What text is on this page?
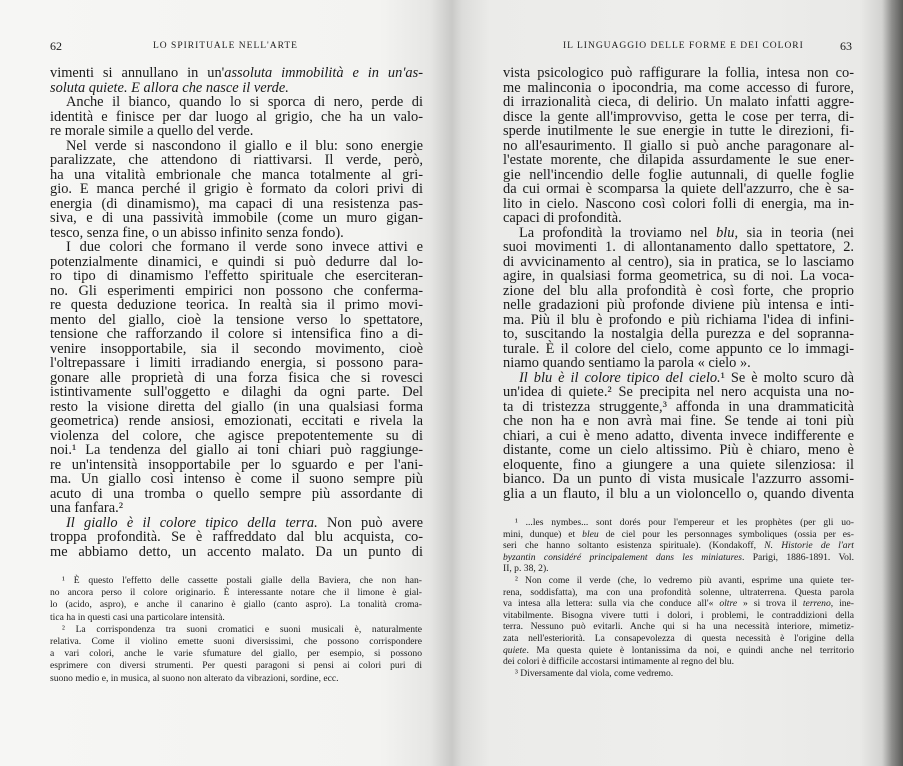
62	LO SPIRITUALE NELL'ARTE
vimenti si annullano in un'assoluta immobilità e in un'as-
soluta quiete. E allora che nasce il verde.
Anche il bianco, quando lo si sporca di nero, perde di
identità e finisce per dar luogo al grigio, che ha un valo-
re morale simile a quello del verde.
Nel verde si nascondono il giallo e il blu: sono energie
paralizzate, che attendono di riattivarsi. Il verde, però,
ha una vitalità embrionale che manca totalmente al gri-
gio. E manca perché il grigio è formato da colori privi di
energia (di dinamismo), ma capaci di una resistenza pas-
siva, e di una passività immobile (come un muro gigan-
tesco, senza fine, o un abisso infinito senza fondo).
I due colori che formano il verde sono invece attivi e
potenzialmente dinamici, e quindi si può dedurre dal lo-
ro tipo di dinamismo l'effetto spirituale che eserciteran-
no. Gli esperimenti empirici non possono che conferma-
re questa deduzione teorica. In realtà sia il primo movi-
mento del giallo, cioè la tensione verso lo spettatore,
tensione che rafforzando il colore si intensifica fino a di-
venire insopportabile, sia il secondo movimento, cioè
l'oltrepassare i limiti irradiando energia, si possono para-
gonare alle proprietà di una forza fisica che si rovesci
istintivamente sull'oggetto e dilaghi da ogni parte. Del
resto la visione diretta del giallo (in una qualsiasi forma
geometrica) rende ansiosi, emozionati, eccitati e rivela la
violenza del colore, che agisce prepotentemente su di
noi.¹ La tendenza del giallo ai toni chiari può raggiunge-
re un'intensità insopportabile per lo sguardo e per l'ani-
ma. Un giallo così intenso è come il suono sempre più
acuto di una tromba o quello sempre più assordante di
una fanfara.²
Il giallo è il colore tipico della terra. Non può avere
troppa profondità. Se è raffreddato dal blu acquista, co-
me abbiamo detto, un accento malato. Da un punto di
¹ È questo l'effetto delle cassette postali gialle della Baviera, che non han-
no ancora perso il colore originario. È interessante notare che il limone è gial-
lo (acido, aspro), e anche il canarino è giallo (canto aspro). La tonalità croma-
tica ha in questi casi una particolare intensità.
² La corrispondenza tra suoni cromatici e suoni musicali è, naturalmente
relativa. Come il violino emette suoni diversissimi, che possono corrispondere
a vari colori, anche le varie sfumature del giallo, per esempio, si possono
esprimere con diversi strumenti. Per questi paragoni si pensi ai colori puri di
suono medio e, in musica, al suono non alterato da vibrazioni, sordine, ecc.
IL LINGUAGGIO DELLE FORME E DEI COLORI	63
vista psicologico può raffigurare la follia, intesa non co-
me malinconia o ipocondria, ma come accesso di furore,
di irrazionalità cieca, di delirio. Un malato infatti aggre-
disce la gente all'improvviso, getta le cose per terra, di-
sperde inutilmente le sue energie in tutte le direzioni, fi-
no all'esaurimento. Il giallo si può anche paragonare al-
l'estate morente, che dilapida assurdamente le sue ener-
gie nell'incendio delle foglie autunnali, di quelle foglie
da cui ormai è scomparsa la quiete dell'azzurro, che è sa-
lito in cielo. Nascono così colori folli di energia, ma in-
capaci di profondità.
La profondità la troviamo nel blu, sia in teoria (nei
suoi movimenti 1. di allontanamento dallo spettatore, 2.
di avvicinamento al centro), sia in pratica, se lo lasciamo
agire, in qualsiasi forma geometrica, su di noi. La voca-
zione del blu alla profondità è così forte, che proprio
nelle gradazioni più profonde diviene più intensa e inti-
ma. Più il blu è profondo e più richiama l'idea di infini-
to, suscitando la nostalgia della purezza e del sopranna-
turale. È il colore del cielo, come appunto ce lo immagi-
niamo quando sentiamo la parola « cielo ».
Il blu è il colore tipico del cielo.¹ Se è molto scuro dà
un'idea di quiete.² Se precipita nel nero acquista una no-
ta di tristezza struggente,³ affonda in una drammaticità
che non ha e non avrà mai fine. Se tende ai toni più
chiari, a cui è meno adatto, diventa invece indifferente e
distante, come un cielo altissimo. Più è chiaro, meno è
eloquente, fino a giungere a una quiete silenziosa: il
bianco. Da un punto di vista musicale l'azzurro assomi-
glia a un flauto, il blu a un violoncello o, quando diventa
¹ ...les nymbes... sont dorés pour l'empereur et les prophètes (per gli uo-
mini, dunque) et bleu de ciel pour les personnages symboliques (ossia per es-
seri che hanno soltanto esistenza spirituale). (Kondakoff, N. Historie de l'art
byzantin considéré principalement dans les miniatures. Parigi, 1886-1891. Vol.
II, p. 38, 2).
² Non come il verde (che, lo vedremo più avanti, esprime una quiete ter-
rena, soddisfatta), ma con una profondità solenne, ultraterrena. Questa parola
va intesa alla lettera: sulla via che conduce all'« oltre » si trova il terreno, ine-
vitabilmente. Bisogna vivere tutti i dolori, i problemi, le contraddizioni della
terra. Nessuno può evitarli. Anche qui si ha una necessità interiore, mimetiz-
zata nell'esteriorità. La consapevolezza di questa necessità è l'origine della
quiete. Ma questa quiete è lontanissima da noi, e quindi anche nel territorio
dei colori è difficile accostarsi intimamente al regno del blu.
³ Diversamente dal viola, come vedremo.
